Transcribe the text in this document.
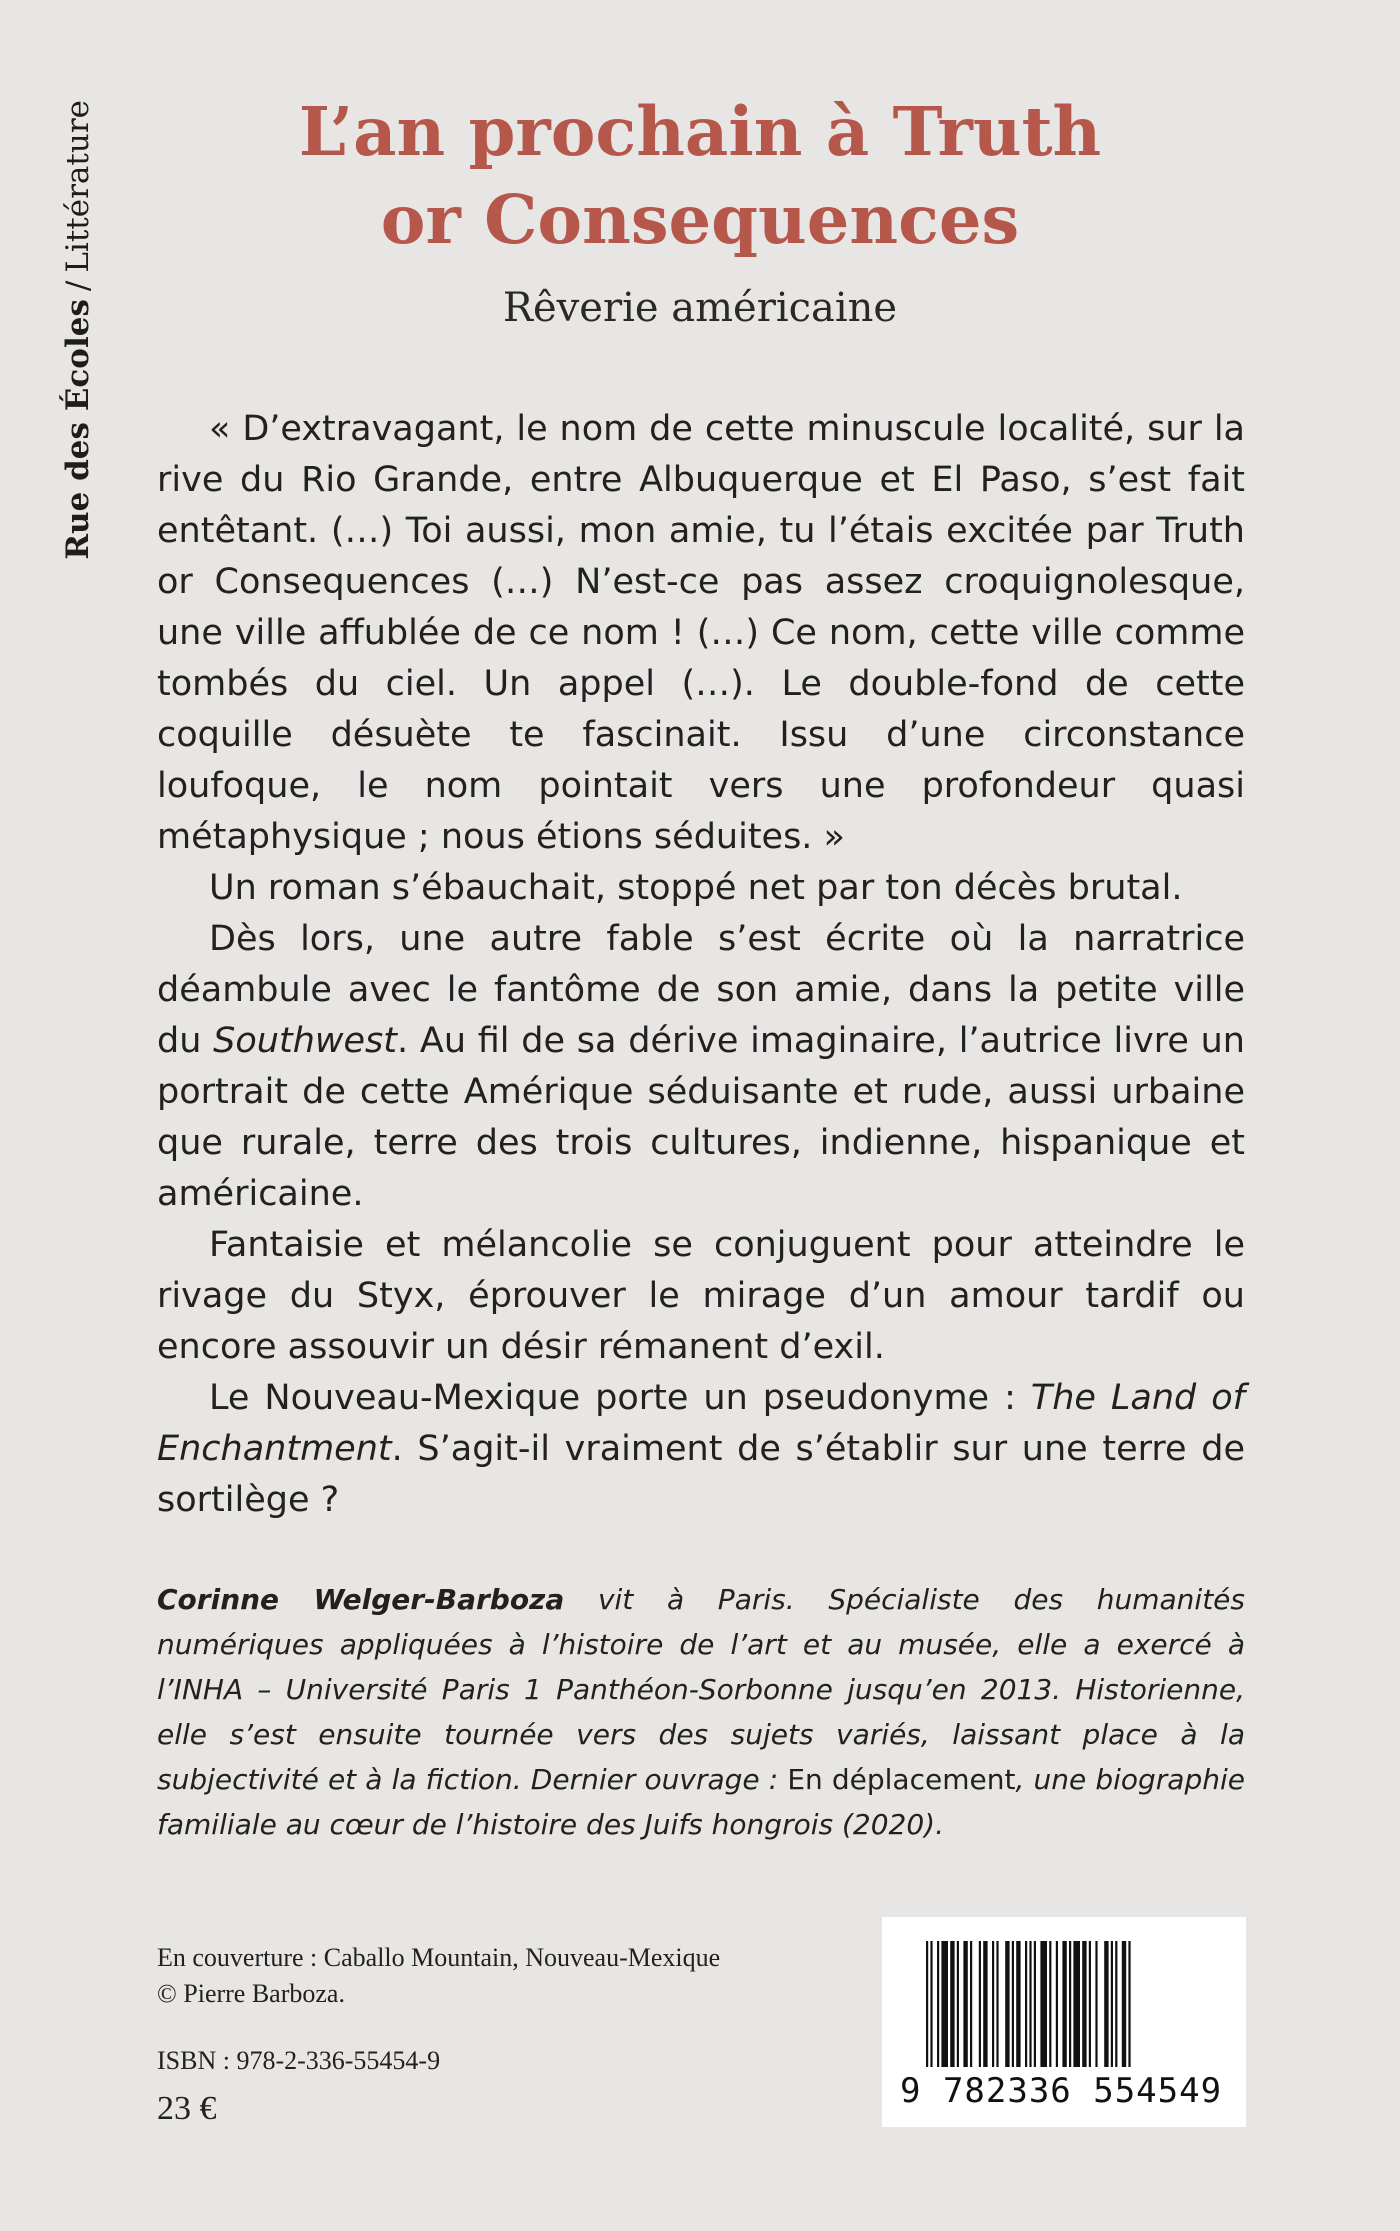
Rue des Écoles
/
Littérature	L’an prochain à Truth
or Consequences
Rêverie américaine

« D’extravagant, le nom de cette minuscule localité, sur la rive du Rio Grande, entre Albuquerque et El Paso, s’est fait entêtant. (…) Toi aussi, mon amie, tu l’étais excitée par Truth or Consequences (…) N’est-ce pas assez croquignolesque, une ville affublée de ce nom ! (…) Ce nom, cette ville comme tombés du ciel. Un appel (…). Le double-fond de cette coquille désuète te fascinait. Issu d’une circonstance loufoque, le nom pointait vers une profondeur quasi métaphysique ; nous étions séduites. »

Un roman s’ébauchait, stoppé net par ton décès brutal.

Dès lors, une autre fable s’est écrite où la narratrice déambule avec le fantôme de son amie, dans la petite ville du Southwest. Au fil de sa dérive imaginaire, l’autrice livre un portrait de cette Amérique séduisante et rude, aussi urbaine que rurale, terre des trois cultures, indienne, hispanique et américaine.

Fantaisie et mélancolie se conjuguent pour atteindre le rivage du Styx, éprouver le mirage d’un amour tardif ou encore assouvir un désir rémanent d’exil.

Le Nouveau-Mexique porte un pseudonyme : The Land of Enchantment. S’agit-il vraiment de s’établir sur une terre de sortilège ?

Corinne Welger-Barboza vit à Paris. Spécialiste des humanités numériques appliquées à l’histoire de l’art et au musée, elle a exercé à l’INHA – Université Paris 1 Panthéon-Sorbonne jusqu’en 2013. Historienne, elle s’est ensuite tournée vers des sujets variés, laissant place à la subjectivité et à la fiction. Dernier ouvrage : En déplacement, une biographie familiale au cœur de l’histoire des Juifs hongrois (2020).

En couverture : Caballo Mountain, Nouveau-Mexique
© Pierre Barboza.
ISBN : 978-2-336-55454-9
23 €	9 782336 554549
